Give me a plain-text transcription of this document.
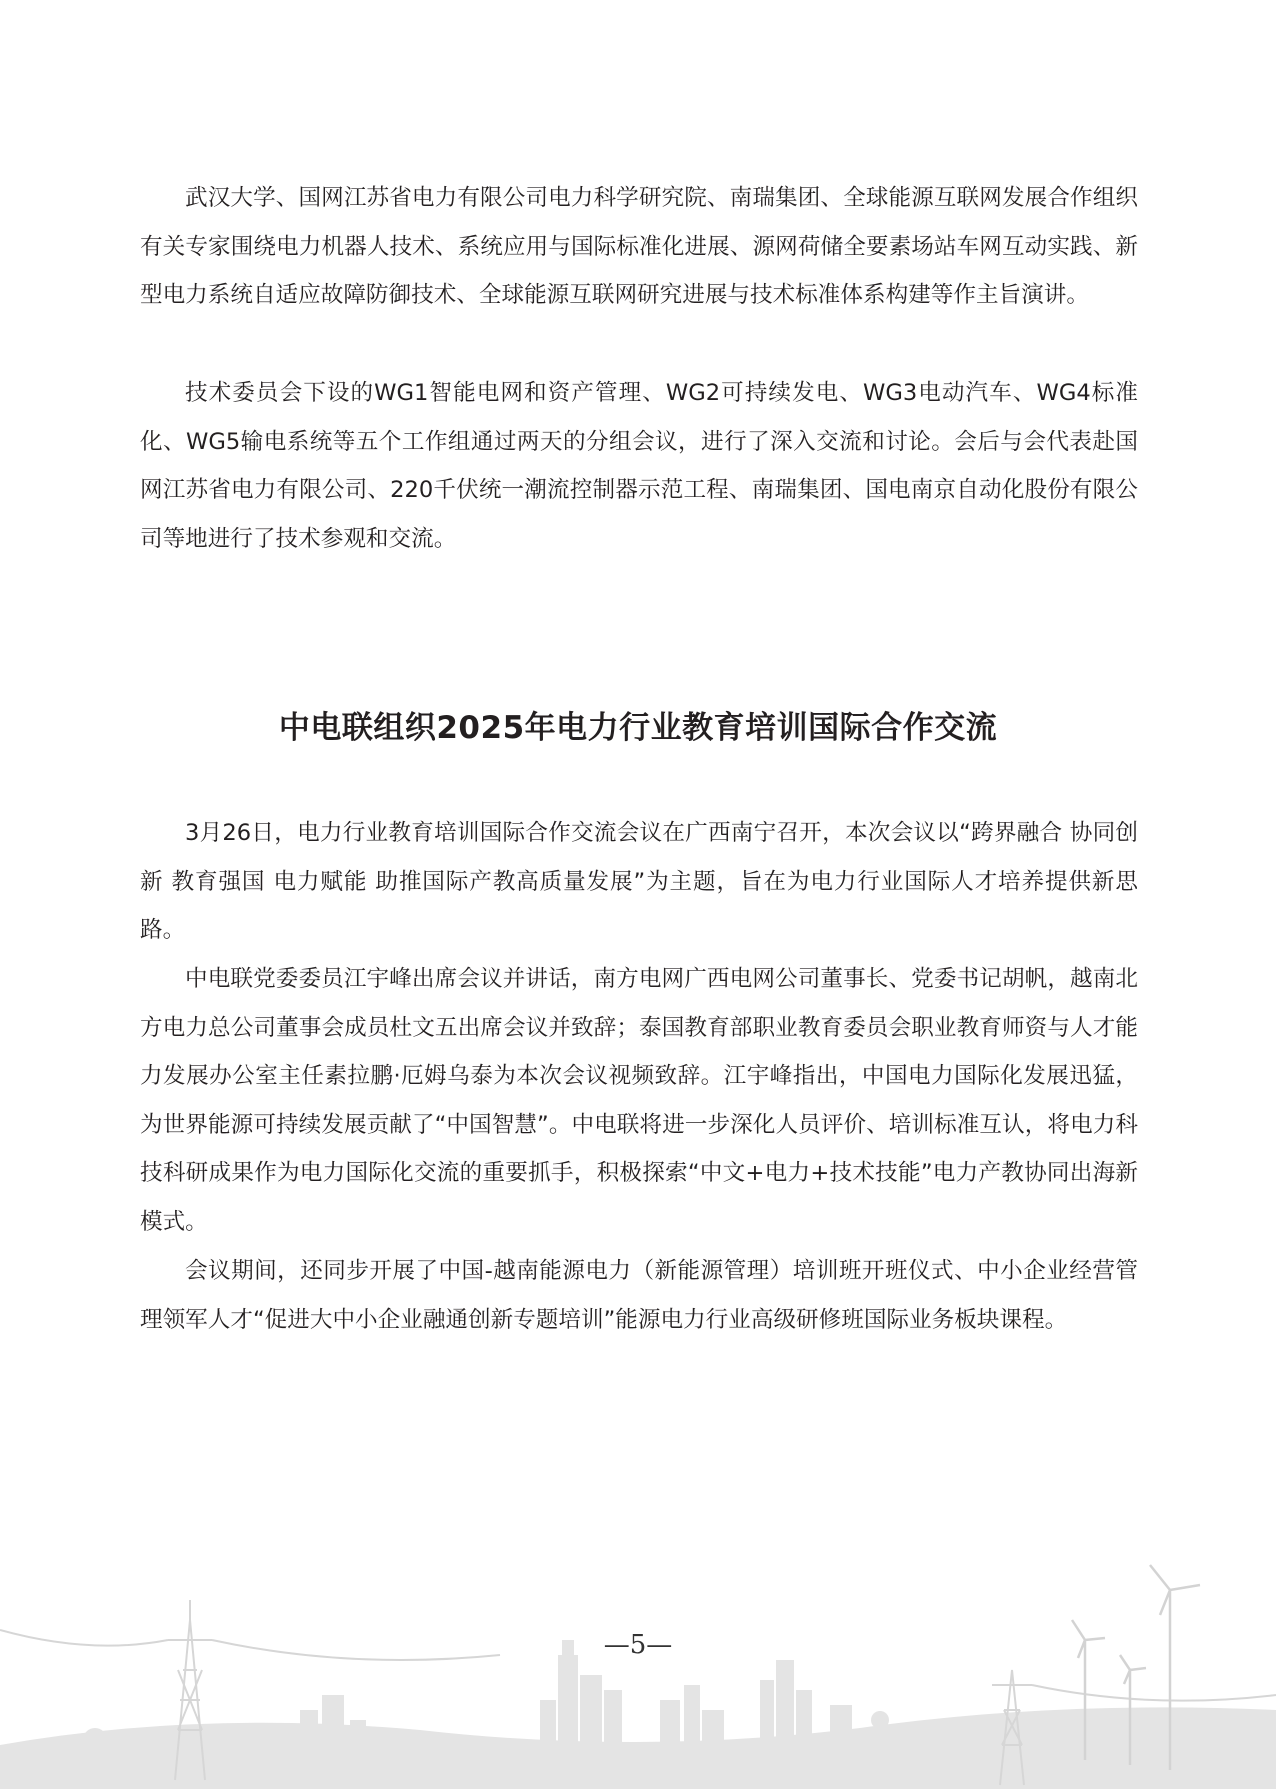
武汉大学、国网江苏省电力有限公司电力科学研究院、南瑞集团、全球能源互联网发展合作组织有关专家围绕电力机器人技术、系统应用与国际标准化进展、源网荷储全要素场站车网互动实践、新型电力系统自适应故障防御技术、全球能源互联网研究进展与技术标准体系构建等作主旨演讲。

技术委员会下设的WG1智能电网和资产管理、WG2可持续发电、WG3电动汽车、WG4标准化、WG5输电系统等五个工作组通过两天的分组会议，进行了深入交流和讨论。会后与会代表赴国网江苏省电力有限公司、220千伏统一潮流控制器示范工程、南瑞集团、国电南京自动化股份有限公司等地进行了技术参观和交流。

中电联组织2025年电力行业教育培训国际合作交流

3月26日，电力行业教育培训国际合作交流会议在广西南宁召开，本次会议以“跨界融合 协同创新 教育强国 电力赋能 助推国际产教高质量发展”为主题，旨在为电力行业国际人才培养提供新思路。

中电联党委委员江宇峰出席会议并讲话，南方电网广西电网公司董事长、党委书记胡帆，越南北方电力总公司董事会成员杜文五出席会议并致辞；泰国教育部职业教育委员会职业教育师资与人才能力发展办公室主任素拉鹏·厄姆乌泰为本次会议视频致辞。江宇峰指出，中国电力国际化发展迅猛，为世界能源可持续发展贡献了“中国智慧”。中电联将进一步深化人员评价、培训标准互认，将电力科技科研成果作为电力国际化交流的重要抓手，积极探索“中文+电力+技术技能”电力产教协同出海新模式。

会议期间，还同步开展了中国-越南能源电力（新能源管理）培训班开班仪式、中小企业经营管理领军人才“促进大中小企业融通创新专题培训”能源电力行业高级研修班国际业务板块课程。

—5—
